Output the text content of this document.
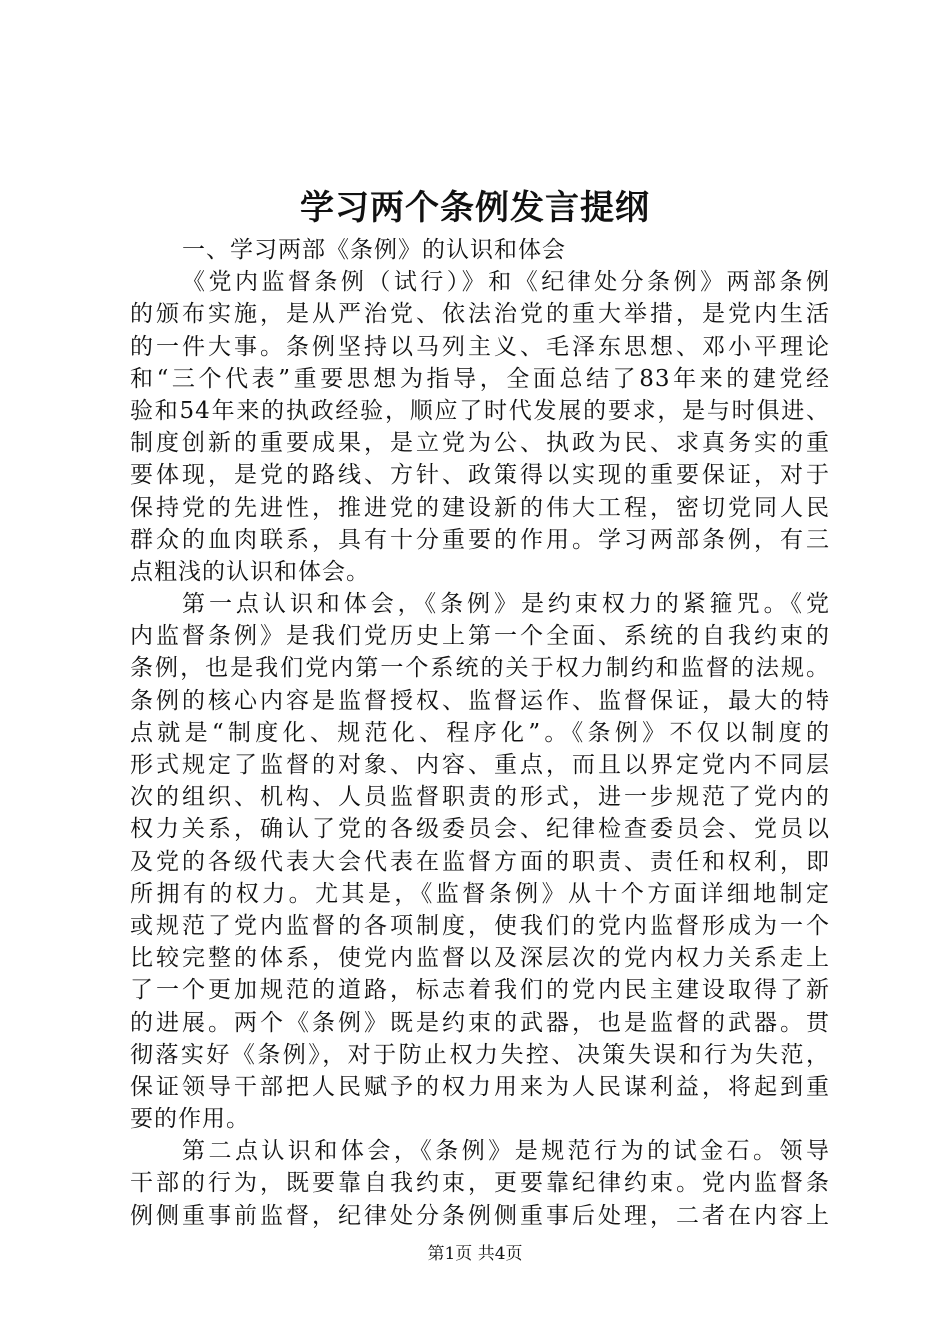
学习两个条例发言提纲
一、学习两部《条例》的认识和体会
《党内监督条例（试行）》和《纪律处分条例》两部条例
的颁布实施，是从严治党、依法治党的重大举措，是党内生活
的一件大事。条例坚持以马列主义、毛泽东思想、邓小平理论
和“三个代表”重要思想为指导，全面总结了83年来的建党经
验和54年来的执政经验，顺应了时代发展的要求，是与时俱进、
制度创新的重要成果，是立党为公、执政为民、求真务实的重
要体现，是党的路线、方针、政策得以实现的重要保证，对于
保持党的先进性，推进党的建设新的伟大工程，密切党同人民
群众的血肉联系，具有十分重要的作用。学习两部条例，有三
点粗浅的认识和体会。
第一点认识和体会，《条例》是约束权力的紧箍咒。《党
内监督条例》是我们党历史上第一个全面、系统的自我约束的
条例，也是我们党内第一个系统的关于权力制约和监督的法规。
条例的核心内容是监督授权、监督运作、监督保证，最大的特
点就是“制度化、规范化、程序化”。《条例》不仅以制度的
形式规定了监督的对象、内容、重点，而且以界定党内不同层
次的组织、机构、人员监督职责的形式，进一步规范了党内的
权力关系，确认了党的各级委员会、纪律检查委员会、党员以
及党的各级代表大会代表在监督方面的职责、责任和权利，即
所拥有的权力。尤其是，《监督条例》从十个方面详细地制定
或规范了党内监督的各项制度，使我们的党内监督形成为一个
比较完整的体系，使党内监督以及深层次的党内权力关系走上
了一个更加规范的道路，标志着我们的党内民主建设取得了新
的进展。两个《条例》既是约束的武器，也是监督的武器。贯
彻落实好《条例》，对于防止权力失控、决策失误和行为失范，
保证领导干部把人民赋予的权力用来为人民谋利益，将起到重
要的作用。
第二点认识和体会，《条例》是规范行为的试金石。领导
干部的行为，既要靠自我约束，更要靠纪律约束。党内监督条
例侧重事前监督，纪律处分条例侧重事后处理，二者在内容上
第1页 共4页
